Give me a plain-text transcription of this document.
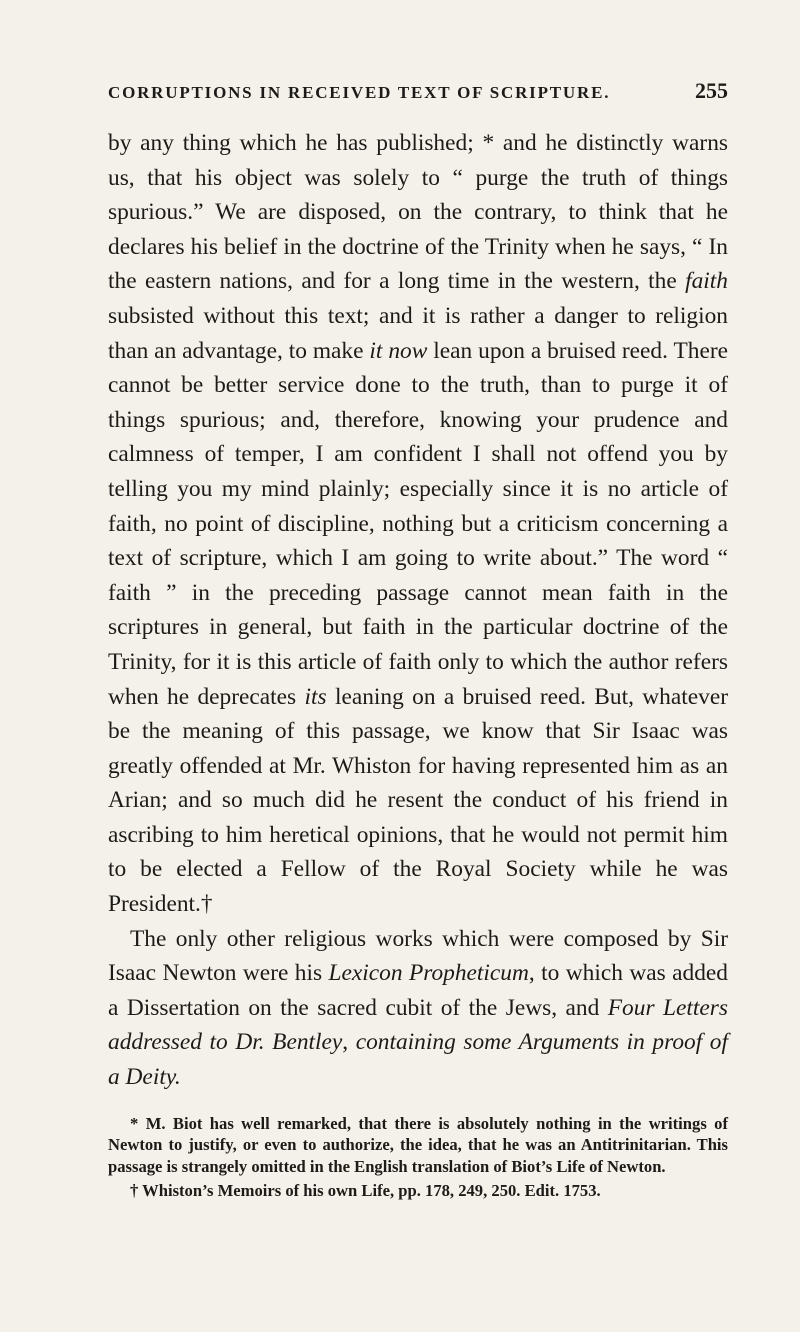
CORRUPTIONS IN RECEIVED TEXT OF SCRIPTURE.	255

by any thing which he has published; * and he distinctly warns us, that his object was solely to “ purge the truth of things spurious.” We are disposed, on the contrary, to think that he declares his belief in the doctrine of the Trinity when he says, “ In the eastern nations, and for a long time in the western, the faith subsisted without this text; and it is rather a danger to religion than an advantage, to make it now lean upon a bruised reed. There cannot be better service done to the truth, than to purge it of things spurious; and, therefore, knowing your prudence and calmness of temper, I am confident I shall not offend you by telling you my mind plainly; especially since it is no article of faith, no point of discipline, nothing but a criticism concerning a text of scripture, which I am going to write about.” The word “ faith ” in the preceding passage cannot mean faith in the scriptures in general, but faith in the particular doctrine of the Trinity, for it is this article of faith only to which the author refers when he deprecates its leaning on a bruised reed. But, whatever be the meaning of this passage, we know that Sir Isaac was greatly offended at Mr. Whiston for having represented him as an Arian; and so much did he resent the conduct of his friend in ascribing to him heretical opinions, that he would not permit him to be elected a Fellow of the Royal Society while he was President.†

The only other religious works which were composed by Sir Isaac Newton were his Lexicon Propheticum, to which was added a Dissertation on the sacred cubit of the Jews, and Four Letters addressed to Dr. Bentley, containing some Arguments in proof of a Deity.

* M. Biot has well remarked, that there is absolutely nothing in the writings of Newton to justify, or even to authorize, the idea, that he was an Antitrinitarian. This passage is strangely omitted in the English translation of Biot’s Life of Newton.

† Whiston’s Memoirs of his own Life, pp. 178, 249, 250. Edit. 1753.
